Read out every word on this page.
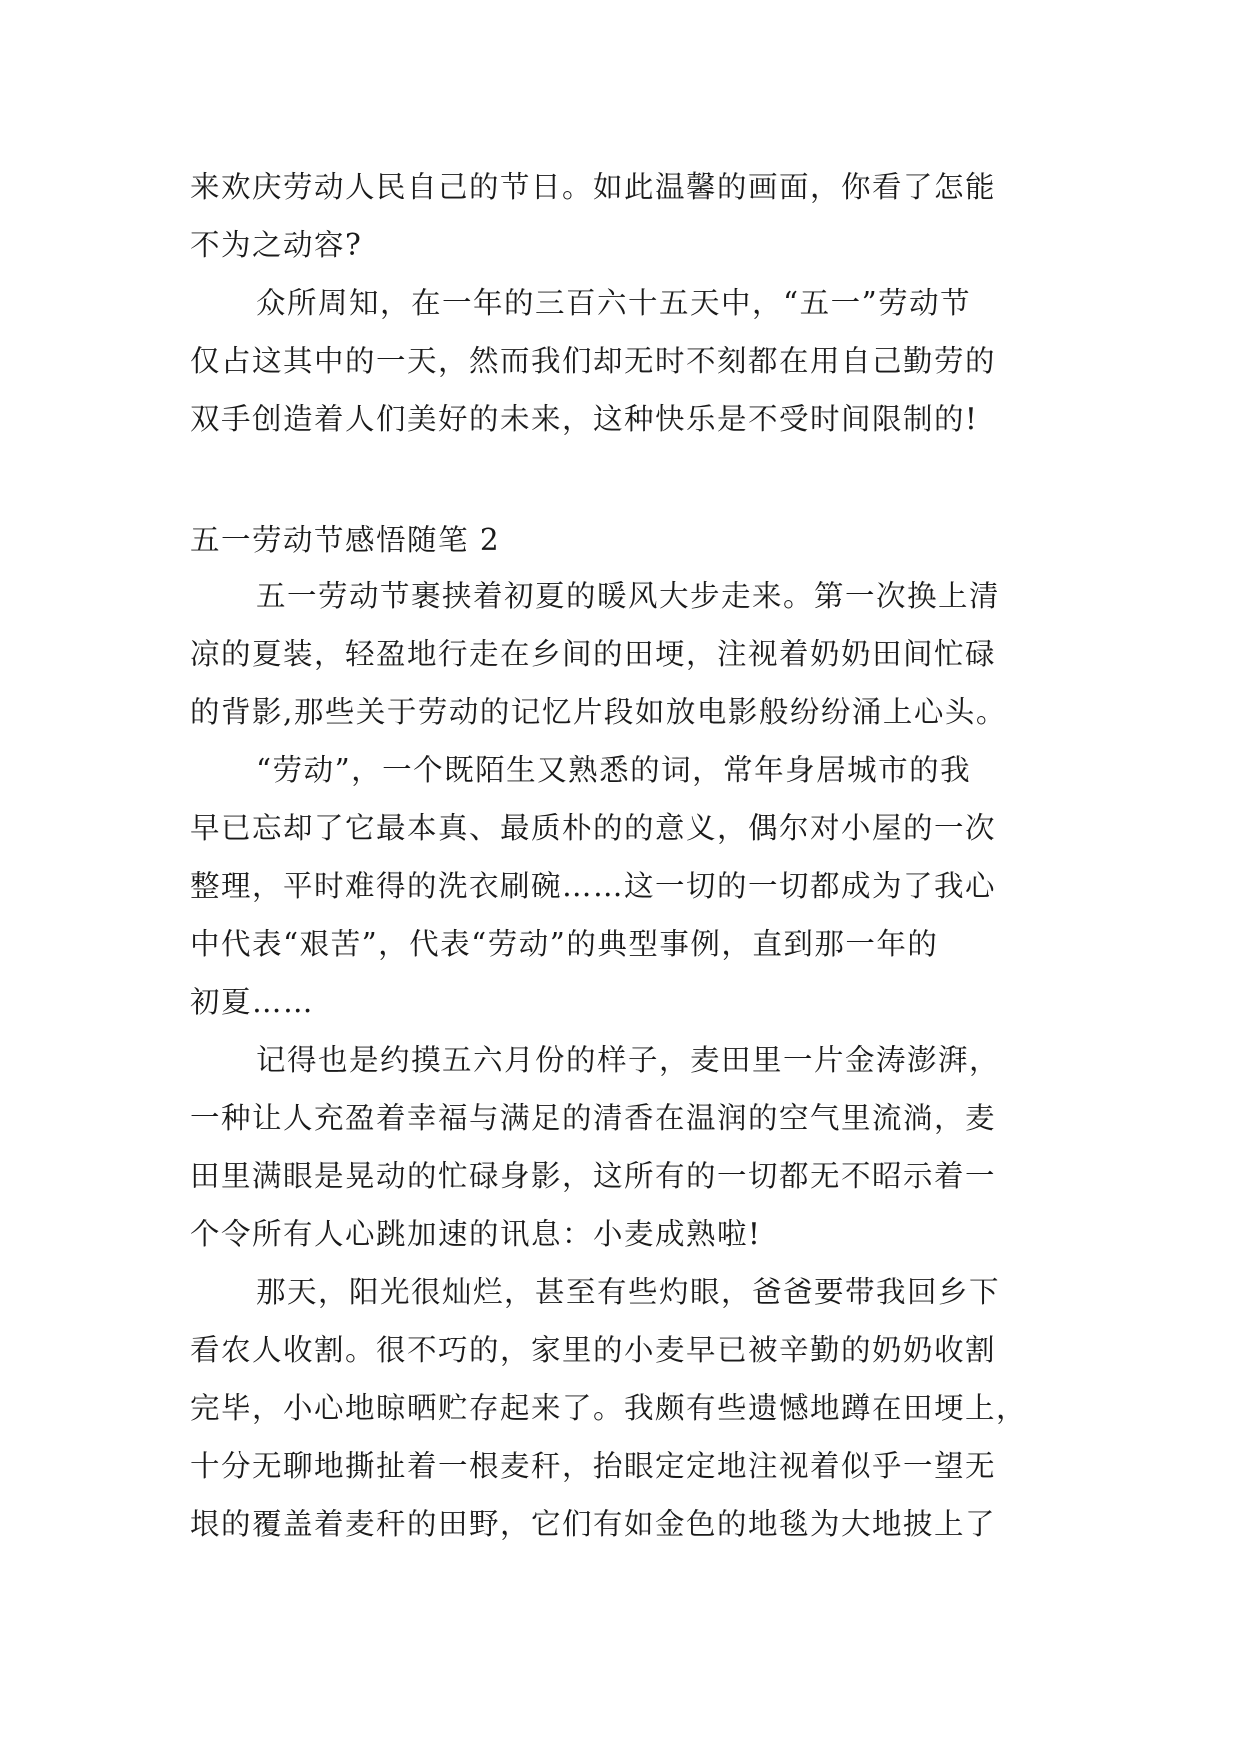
来欢庆劳动人民自己的节日。如此温馨的画面，你看了怎能
不为之动容?
众所周知，在一年的三百六十五天中，“五一”劳动节
仅占这其中的一天，然而我们却无时不刻都在用自己勤劳的
双手创造着人们美好的未来，这种快乐是不受时间限制的!
五一劳动节感悟随笔 2
五一劳动节裹挟着初夏的暖风大步走来。第一次换上清
凉的夏装，轻盈地行走在乡间的田埂，注视着奶奶田间忙碌
的背影,那些关于劳动的记忆片段如放电影般纷纷涌上心头。
“劳动”，一个既陌生又熟悉的词，常年身居城市的我
早已忘却了它最本真、最质朴的的意义，偶尔对小屋的一次
整理，平时难得的洗衣刷碗……这一切的一切都成为了我心
中代表“艰苦”，代表“劳动”的典型事例，直到那一年的
初夏……
记得也是约摸五六月份的样子，麦田里一片金涛澎湃，
一种让人充盈着幸福与满足的清香在温润的空气里流淌，麦
田里满眼是晃动的忙碌身影，这所有的一切都无不昭示着一
个令所有人心跳加速的讯息：小麦成熟啦!
那天，阳光很灿烂，甚至有些灼眼，爸爸要带我回乡下
看农人收割。很不巧的，家里的小麦早已被辛勤的奶奶收割
完毕，小心地晾晒贮存起来了。我颇有些遗憾地蹲在田埂上，
十分无聊地撕扯着一根麦秆，抬眼定定地注视着似乎一望无
垠的覆盖着麦秆的田野，它们有如金色的地毯为大地披上了
